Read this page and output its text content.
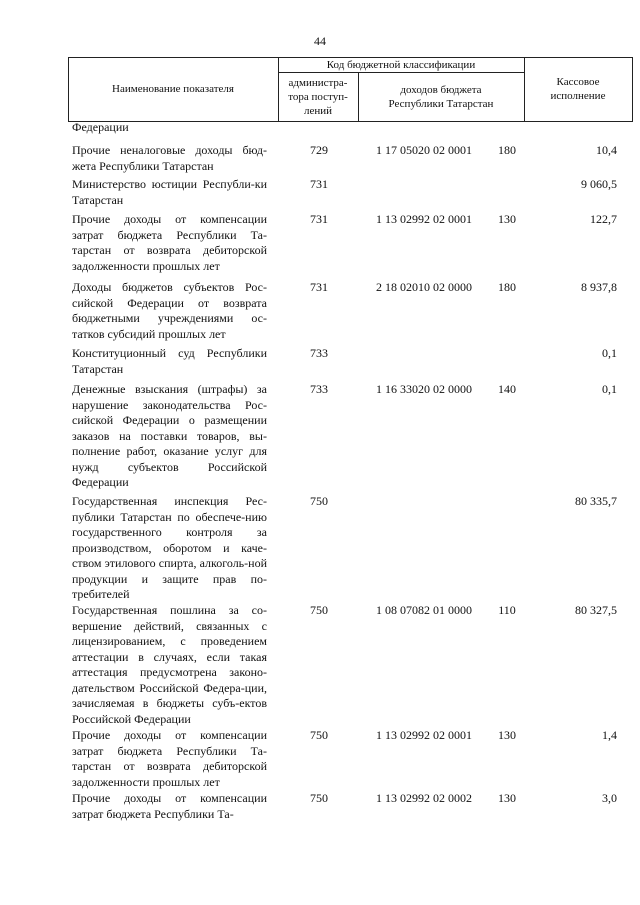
44
Наименование показателя
Код бюджетной классификации
администра-
тора поступ-
лений
доходов бюджета
Республики Татарстан
Кассовое
исполнение
Федерации
Прочие неналоговые доходы бюд-жета Республики Татарстан
729	1 17 05020 02 0001	180	10,4
Министерство юстиции Республи-ки Татарстан
731	9 060,5
Прочие доходы от компенсации затрат бюджета Республики Та-тарстан от возврата дебиторской задолженности прошлых лет
731	1 13 02992 02 0001	130	122,7
Доходы бюджетов субъектов Рос-сийской Федерации от возврата бюджетными учреждениями ос-татков субсидий прошлых лет
731	2 18 02010 02 0000	180	8 937,8
Конституционный суд Республики Татарстан
733	0,1
Денежные взыскания (штрафы) за нарушение законодательства Рос-сийской Федерации о размещении заказов на поставки товаров, вы-полнение работ, оказание услуг для нужд субъектов Российской Федерации
733	1 16 33020 02 0000	140	0,1
Государственная инспекция Рес-публики Татарстан по обеспече-нию государственного контроля за производством, оборотом и каче-ством этилового спирта, алкоголь-ной продукции и защите прав по-требителей
750	80 335,7
Государственная пошлина за со-вершение действий, связанных с лицензированием, с проведением аттестации в случаях, если такая аттестация предусмотрена законо-дательством Российской Федера-ции, зачисляемая в бюджеты субъ-ектов Российской Федерации
750	1 08 07082 01 0000	110	80 327,5
Прочие доходы от компенсации затрат бюджета Республики Та-тарстан от возврата дебиторской задолженности прошлых лет
750	1 13 02992 02 0001	130	1,4
Прочие доходы от компенсации затрат бюджета Республики Та-
750	1 13 02992 02 0002	130	3,0
